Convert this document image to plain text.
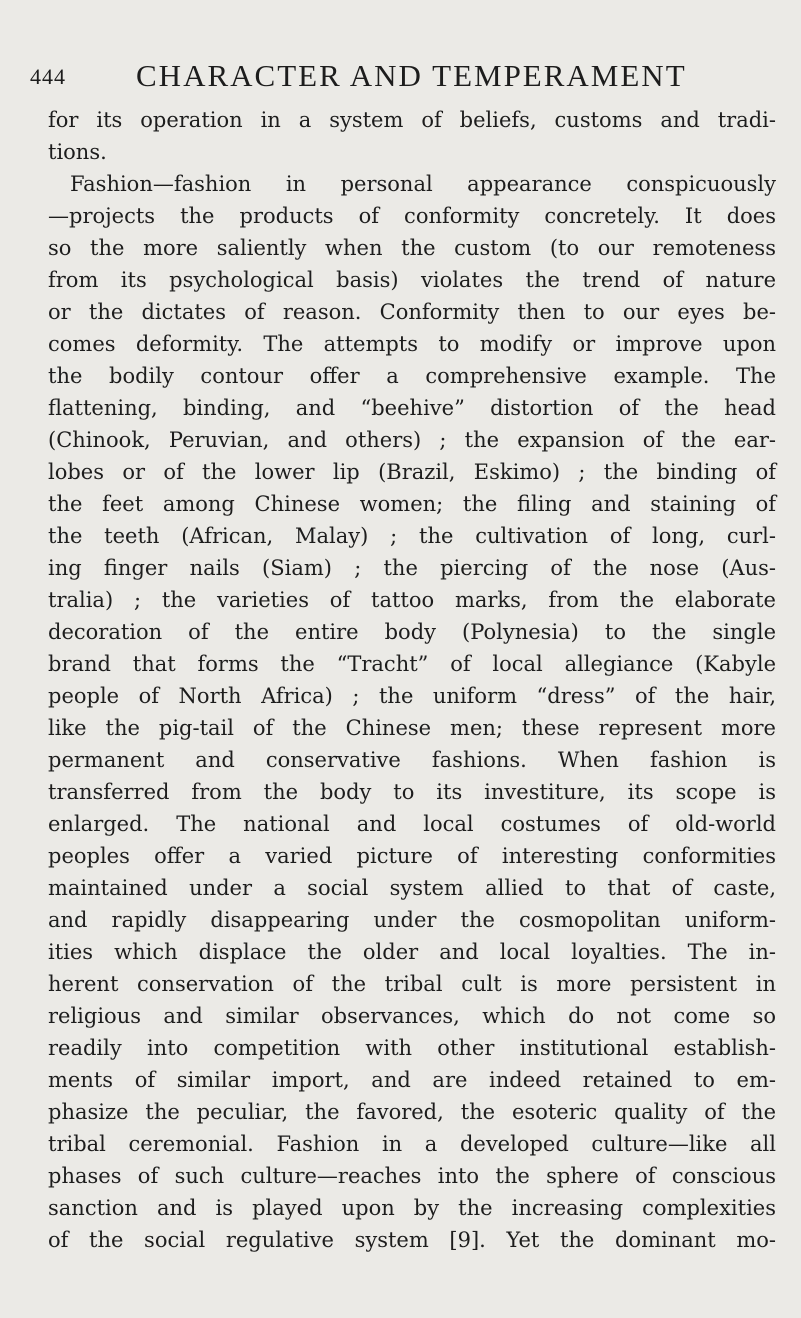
444 CHARACTER AND TEMPERAMENT
for its operation in a system of beliefs, customs and tradi-
tions.
Fashion—fashion in personal appearance conspicuously
—projects the products of conformity concretely. It does
so the more saliently when the custom (to our remoteness
from its psychological basis) violates the trend of nature
or the dictates of reason. Conformity then to our eyes be-
comes deformity. The attempts to modify or improve upon
the bodily contour offer a comprehensive example. The
flattening, binding, and “beehive” distortion of the head
(Chinook, Peruvian, and others) ; the expansion of the ear-
lobes or of the lower lip (Brazil, Eskimo) ; the binding of
the feet among Chinese women; the filing and staining of
the teeth (African, Malay) ; the cultivation of long, curl-
ing finger nails (Siam) ; the piercing of the nose (Aus-
tralia) ; the varieties of tattoo marks, from the elaborate
decoration of the entire body (Polynesia) to the single
brand that forms the “Tracht” of local allegiance (Kabyle
people of North Africa) ; the uniform “dress” of the hair,
like the pig-tail of the Chinese men; these represent more
permanent and conservative fashions. When fashion is
transferred from the body to its investiture, its scope is
enlarged. The national and local costumes of old-world
peoples offer a varied picture of interesting conformities
maintained under a social system allied to that of caste,
and rapidly disappearing under the cosmopolitan uniform-
ities which displace the older and local loyalties. The in-
herent conservation of the tribal cult is more persistent in
religious and similar observances, which do not come so
readily into competition with other institutional establish-
ments of similar import, and are indeed retained to em-
phasize the peculiar, the favored, the esoteric quality of the
tribal ceremonial. Fashion in a developed culture—like all
phases of such culture—reaches into the sphere of conscious
sanction and is played upon by the increasing complexities
of the social regulative system [9]. Yet the dominant mo-
